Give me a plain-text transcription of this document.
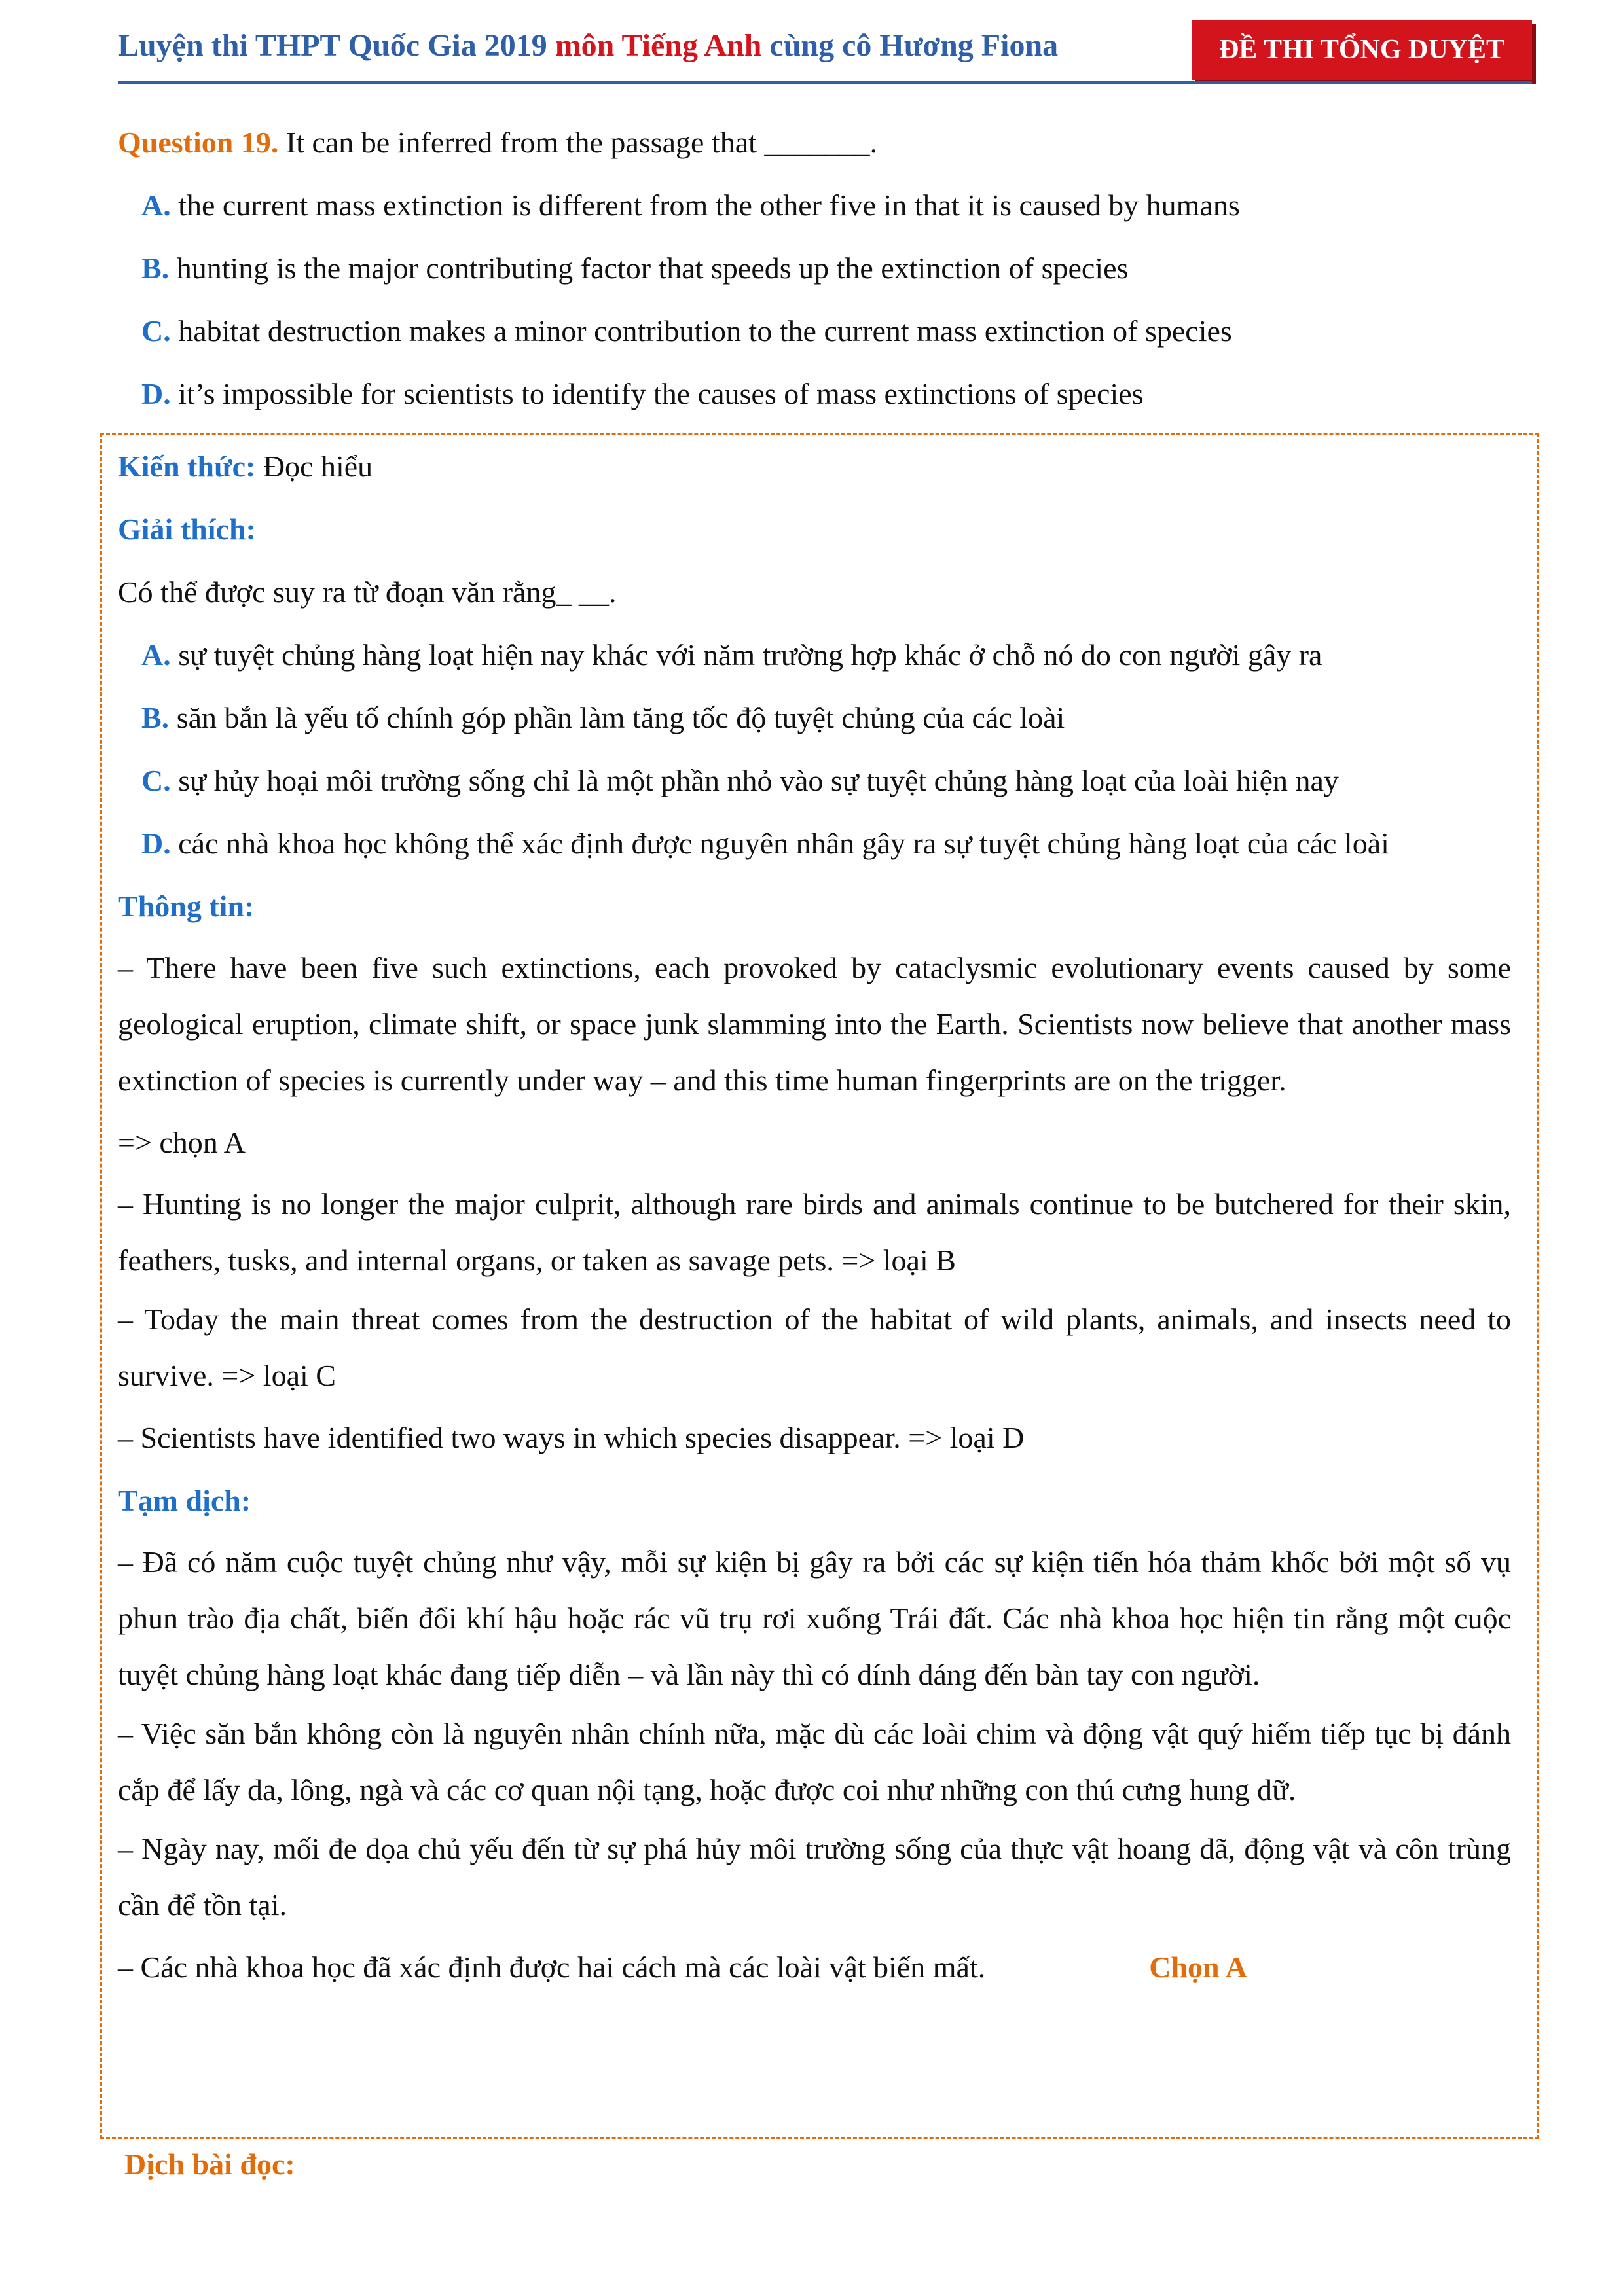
Luyện thi THPT Quốc Gia 2019 môn Tiếng Anh cùng cô Hương Fiona	ĐỀ THI TỔNG DUYỆT
Question 19. It can be inferred from the passage that _______.
A. the current mass extinction is different from the other five in that it is caused by humans
B. hunting is the major contributing factor that speeds up the extinction of species
C. habitat destruction makes a minor contribution to the current mass extinction of species
D. it’s impossible for scientists to identify the causes of mass extinctions of species
Kiến thức: Đọc hiểu
Giải thích:
Có thể được suy ra từ đoạn văn rằng_ __.
A. sự tuyệt chủng hàng loạt hiện nay khác với năm trường hợp khác ở chỗ nó do con người gây ra
B. săn bắn là yếu tố chính góp phần làm tăng tốc độ tuyệt chủng của các loài
C. sự hủy hoại môi trường sống chỉ là một phần nhỏ vào sự tuyệt chủng hàng loạt của loài hiện nay
D. các nhà khoa học không thể xác định được nguyên nhân gây ra sự tuyệt chủng hàng loạt của các loài
Thông tin:
– There have been five such extinctions, each provoked by cataclysmic evolutionary events caused by some geological eruption, climate shift, or space junk slamming into the Earth. Scientists now believe that another mass extinction of species is currently under way – and this time human fingerprints are on the trigger.
=> chọn A
– Hunting is no longer the major culprit, although rare birds and animals continue to be butchered for their skin, feathers, tusks, and internal organs, or taken as savage pets. => loại B
– Today the main threat comes from the destruction of the habitat of wild plants, animals, and insects need to survive. => loại C
– Scientists have identified two ways in which species disappear. => loại D
Tạm dịch:
– Đã có năm cuộc tuyệt chủng như vậy, mỗi sự kiện bị gây ra bởi các sự kiện tiến hóa thảm khốc bởi một số vụ phun trào địa chất, biến đổi khí hậu hoặc rác vũ trụ rơi xuống Trái đất. Các nhà khoa học hiện tin rằng một cuộc tuyệt chủng hàng loạt khác đang tiếp diễn – và lần này thì có dính dáng đến bàn tay con người.
– Việc săn bắn không còn là nguyên nhân chính nữa, mặc dù các loài chim và động vật quý hiếm tiếp tục bị đánh cắp để lấy da, lông, ngà và các cơ quan nội tạng, hoặc được coi như những con thú cưng hung dữ.
– Ngày nay, mối đe dọa chủ yếu đến từ sự phá hủy môi trường sống của thực vật hoang dã, động vật và côn trùng cần để tồn tại.
– Các nhà khoa học đã xác định được hai cách mà các loài vật biến mất.	Chọn A
Dịch bài đọc:
